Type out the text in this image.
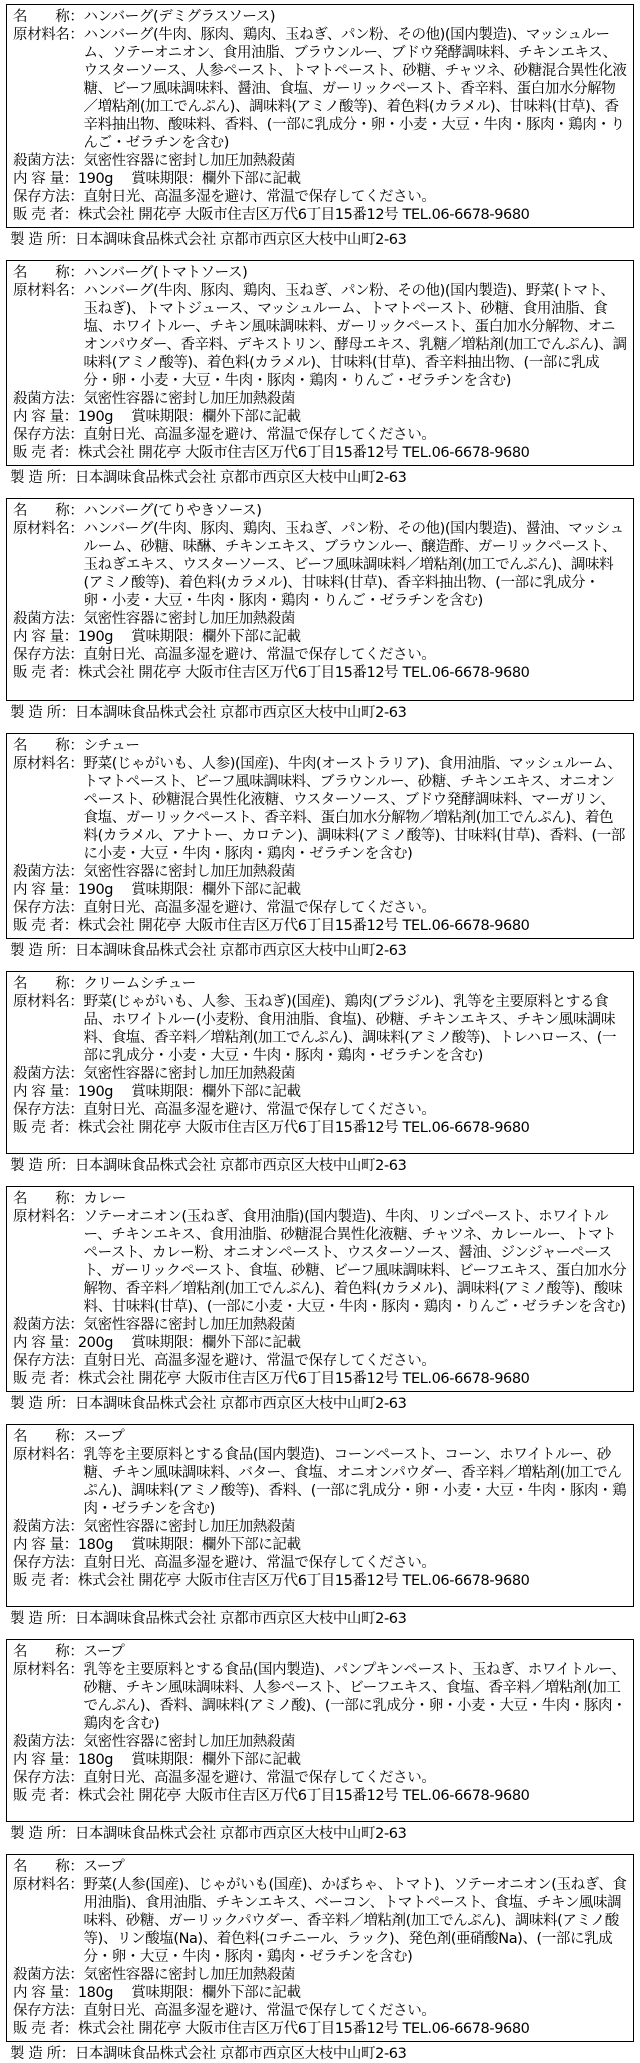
名　　称： ハンバーグ(デミグラスソース)
原材料名： ハンバーグ(牛肉、豚肉、鶏肉、玉ねぎ、パン粉、その他)(国内製造)、マッシュルーム、ソテーオニオン、食用油脂、ブラウンルー、ブドウ発酵調味料、チキンエキス、ウスターソース、人参ペースト、トマトペースト、砂糖、チャツネ、砂糖混合異性化液糖、ビーフ風味調味料、醤油、食塩、ガーリックペースト、香辛料、蛋白加水分解物／増粘剤(加工でんぷん)、調味料(アミノ酸等)、着色料(カラメル)、甘味料(甘草)、香辛料抽出物、酸味料、香料、(一部に乳成分・卵・小麦・大豆・牛肉・豚肉・鶏肉・りんご・ゼラチンを含む)
殺菌方法： 気密性容器に密封し加圧加熱殺菌
内 容 量： 190g　 賞味期限：欄外下部に記載
保存方法： 直射日光、高温多湿を避け、常温で保存してください。
販 売 者： 株式会社 開花亭 大阪市住吉区万代6丁目15番12号 TEL.06-6678-9680
製 造 所： 日本調味食品株式会社 京都市西京区大枝中山町2-63
名　　称： ハンバーグ(トマトソース)
原材料名： ハンバーグ(牛肉、豚肉、鶏肉、玉ねぎ、パン粉、その他)(国内製造)、野菜(トマト、玉ねぎ)、トマトジュース、マッシュルーム、トマトペースト、砂糖、食用油脂、食塩、ホワイトルー、チキン風味調味料、ガーリックペースト、蛋白加水分解物、オニオンパウダー、香辛料、デキストリン、酵母エキス、乳糖／増粘剤(加工でんぷん)、調味料(アミノ酸等)、着色料(カラメル)、甘味料(甘草)、香辛料抽出物、(一部に乳成分・卵・小麦・大豆・牛肉・豚肉・鶏肉・りんご・ゼラチンを含む)
殺菌方法： 気密性容器に密封し加圧加熱殺菌
内 容 量： 190g　 賞味期限：欄外下部に記載
保存方法： 直射日光、高温多湿を避け、常温で保存してください。
販 売 者： 株式会社 開花亭 大阪市住吉区万代6丁目15番12号 TEL.06-6678-9680
製 造 所： 日本調味食品株式会社 京都市西京区大枝中山町2-63
名　　称： ハンバーグ(てりやきソース)
原材料名： ハンバーグ(牛肉、豚肉、鶏肉、玉ねぎ、パン粉、その他)(国内製造)、醤油、マッシュルーム、砂糖、味醂、チキンエキス、ブラウンルー、醸造酢、ガーリックペースト、玉ねぎエキス、ウスターソース、ビーフ風味調味料／増粘剤(加工でんぷん)、調味料(アミノ酸等)、着色料(カラメル)、甘味料(甘草)、香辛料抽出物、(一部に乳成分・卵・小麦・大豆・牛肉・豚肉・鶏肉・りんご・ゼラチンを含む)
殺菌方法： 気密性容器に密封し加圧加熱殺菌
内 容 量： 190g　 賞味期限：欄外下部に記載
保存方法： 直射日光、高温多湿を避け、常温で保存してください。
販 売 者： 株式会社 開花亭 大阪市住吉区万代6丁目15番12号 TEL.06-6678-9680
製 造 所： 日本調味食品株式会社 京都市西京区大枝中山町2-63
名　　称： シチュー
原材料名： 野菜(じゃがいも、人参)(国産)、牛肉(オーストラリア)、食用油脂、マッシュルーム、トマトペースト、ビーフ風味調味料、ブラウンルー、砂糖、チキンエキス、オニオンペースト、砂糖混合異性化液糖、ウスターソース、ブドウ発酵調味料、マーガリン、食塩、ガーリックペースト、香辛料、蛋白加水分解物／増粘剤(加工でんぷん)、着色料(カラメル、アナトー、カロテン)、調味料(アミノ酸等)、甘味料(甘草)、香料、(一部に小麦・大豆・牛肉・豚肉・鶏肉・ゼラチンを含む)
殺菌方法： 気密性容器に密封し加圧加熱殺菌
内 容 量： 190g　 賞味期限：欄外下部に記載
保存方法： 直射日光、高温多湿を避け、常温で保存してください。
販 売 者： 株式会社 開花亭 大阪市住吉区万代6丁目15番12号 TEL.06-6678-9680
製 造 所： 日本調味食品株式会社 京都市西京区大枝中山町2-63
名　　称： クリームシチュー
原材料名： 野菜(じゃがいも、人参、玉ねぎ)(国産)、鶏肉(ブラジル)、乳等を主要原料とする食品、ホワイトルー(小麦粉、食用油脂、食塩)、砂糖、チキンエキス、チキン風味調味料、食塩、香辛料／増粘剤(加工でんぷん)、調味料(アミノ酸等)、トレハロース、(一部に乳成分・小麦・大豆・牛肉・豚肉・鶏肉・ゼラチンを含む)
殺菌方法： 気密性容器に密封し加圧加熱殺菌
内 容 量： 190g　 賞味期限：欄外下部に記載
保存方法： 直射日光、高温多湿を避け、常温で保存してください。
販 売 者： 株式会社 開花亭 大阪市住吉区万代6丁目15番12号 TEL.06-6678-9680
製 造 所： 日本調味食品株式会社 京都市西京区大枝中山町2-63
名　　称： カレー
原材料名： ソテーオニオン(玉ねぎ、食用油脂)(国内製造)、牛肉、リンゴペースト、ホワイトルー、チキンエキス、食用油脂、砂糖混合異性化液糖、チャツネ、カレールー、トマトペースト、カレー粉、オニオンペースト、ウスターソース、醤油、ジンジャーペースト、ガーリックペースト、食塩、砂糖、ビーフ風味調味料、ビーフエキス、蛋白加水分解物、香辛料／増粘剤(加工でんぷん)、着色料(カラメル)、調味料(アミノ酸等)、酸味料、甘味料(甘草)、(一部に小麦・大豆・牛肉・豚肉・鶏肉・りんご・ゼラチンを含む)
殺菌方法： 気密性容器に密封し加圧加熱殺菌
内 容 量： 200g　 賞味期限：欄外下部に記載
保存方法： 直射日光、高温多湿を避け、常温で保存してください。
販 売 者： 株式会社 開花亭 大阪市住吉区万代6丁目15番12号 TEL.06-6678-9680
製 造 所： 日本調味食品株式会社 京都市西京区大枝中山町2-63
名　　称： スープ
原材料名： 乳等を主要原料とする食品(国内製造)、コーンペースト、コーン、ホワイトルー、砂糖、チキン風味調味料、バター、食塩、オニオンパウダー、香辛料／増粘剤(加工でんぷん)、調味料(アミノ酸等)、香料、(一部に乳成分・卵・小麦・大豆・牛肉・豚肉・鶏肉・ゼラチンを含む)
殺菌方法： 気密性容器に密封し加圧加熱殺菌
内 容 量： 180g　 賞味期限：欄外下部に記載
保存方法： 直射日光、高温多湿を避け、常温で保存してください。
販 売 者： 株式会社 開花亭 大阪市住吉区万代6丁目15番12号 TEL.06-6678-9680
製 造 所： 日本調味食品株式会社 京都市西京区大枝中山町2-63
名　　称： スープ
原材料名： 乳等を主要原料とする食品(国内製造)、パンプキンペースト、玉ねぎ、ホワイトルー、砂糖、チキン風味調味料、人参ペースト、ビーフエキス、食塩、香辛料／増粘剤(加工でんぷん)、香料、調味料(アミノ酸)、(一部に乳成分・卵・小麦・大豆・牛肉・豚肉・鶏肉を含む)
殺菌方法： 気密性容器に密封し加圧加熱殺菌
内 容 量： 180g　 賞味期限：欄外下部に記載
保存方法： 直射日光、高温多湿を避け、常温で保存してください。
販 売 者： 株式会社 開花亭 大阪市住吉区万代6丁目15番12号 TEL.06-6678-9680
製 造 所： 日本調味食品株式会社 京都市西京区大枝中山町2-63
名　　称： スープ
原材料名： 野菜(人参(国産)、じゃがいも(国産)、かぼちゃ、トマト)、ソテーオニオン(玉ねぎ、食用油脂)、食用油脂、チキンエキス、ベーコン、トマトペースト、食塩、チキン風味調味料、砂糖、ガーリックパウダー、香辛料／増粘剤(加工でんぷん)、調味料(アミノ酸等)、リン酸塩(Na)、着色料(コチニール、ラック)、発色剤(亜硝酸Na)、(一部に乳成分・卵・大豆・牛肉・豚肉・鶏肉・ゼラチンを含む)
殺菌方法： 気密性容器に密封し加圧加熱殺菌
内 容 量： 180g　 賞味期限：欄外下部に記載
保存方法： 直射日光、高温多湿を避け、常温で保存してください。
販 売 者： 株式会社 開花亭 大阪市住吉区万代6丁目15番12号 TEL.06-6678-9680
製 造 所： 日本調味食品株式会社 京都市西京区大枝中山町2-63
